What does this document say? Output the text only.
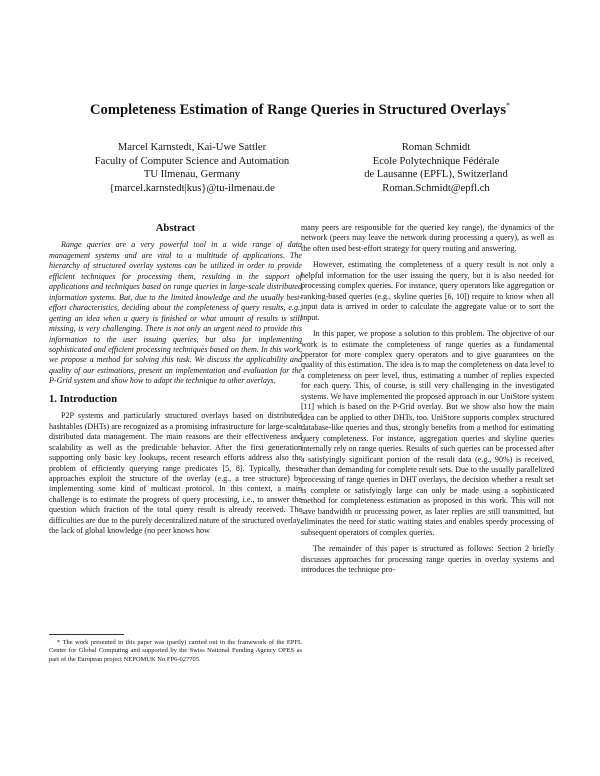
Completeness Estimation of Range Queries in Structured Overlays*
Marcel Karnstedt, Kai-Uwe Sattler
Faculty of Computer Science and Automation
TU Ilmenau, Germany
{marcel.karnstedt|kus}@tu-ilmenau.de
Roman Schmidt
Ecole Polytechnique Fédérale
de Lausanne (EPFL), Switzerland
Roman.Schmidt@epfl.ch
Abstract

Range queries are a very powerful tool in a wide range of data management systems and are vital to a multitude of applications. The hierarchy of structured overlay systems can be utilized in order to provide efficient techniques for processing them, resulting in the support of applications and techniques based on range queries in large-scale distributed information systems. But, due to the limited knowledge and the usually best-effort characteristics, deciding about the completeness of query results, e.g., getting an idea when a query is finished or what amount of results is still missing, is very challenging. There is not only an urgent need to provide this information to the user issuing queries, but also for implementing sophisticated and efficient processing techniques based on them. In this work, we propose a method for solving this task. We discuss the applicability and quality of our estimations, present an implementation and evaluation for the P-Grid system and show how to adapt the technique to other overlays.

1. Introduction

P2P systems and particularly structured overlays based on distributed hashtables (DHTs) are recognized as a promising infrastructure for large-scale distributed data management. The main reasons are their effectiveness and scalability as well as the predictable behavior. After the first generation supporting only basic key lookups, recent research efforts address also the problem of efficiently querying range predicates [5, 8]. Typically, these approaches exploit the structure of the overlay (e.g., a tree structure) by implementing some kind of multicast protocol. In this context, a main challenge is to estimate the progress of query processing, i.e., to answer the question which fraction of the total query result is already received. The difficulties are due to the purely decentralized nature of the structured overlay, the lack of global knowledge (no peer knows how

* The work presented in this paper was (partly) carried out in the framework of the EPFL Center for Global Computing and supported by the Swiss National Funding Agency OFES as part of the European project NEPOMUK No FP6-027705.

many peers are responsible for the queried key range), the dynamics of the network (peers may leave the network during processing a query), as well as the often used best-effort strategy for query routing and answering.

However, estimating the completeness of a query result is not only a helpful information for the user issuing the query, but it is also needed for processing complex queries. For instance, query operators like aggregation or ranking-based queries (e.g., skyline queries [6, 10]) require to know when all input data is arrived in order to calculate the aggregate value or to sort the input.

In this paper, we propose a solution to this problem. The objective of our work is to estimate the completeness of range queries as a fundamental operator for more complex query operators and to give guarantees on the quality of this estimation. The idea is to map the completeness on data level to a completeness on peer level, thus, estimating a number of replies expected for each query. This, of course, is still very challenging in the investigated systems. We have implemented the proposed approach in our UniStore system [11] which is based on the P-Grid overlay. But we show also how the main idea can be applied to other DHTs, too. UniStore supports complex structured database-like queries and thus, strongly benefits from a method for estimating query completeness. For instance, aggregation queries and skyline queries internally rely on range queries. Results of such queries can be processed after a satisfyingly significant portion of the result data (e.g., 90%) is received, rather than demanding for complete result sets. Due to the usually parallelized processing of range queries in DHT overlays, the decision whether a result set is complete or satisfyingly large can only be made using a sophisticated method for completeness estimation as proposed in this work. This will not save bandwidth or processing power, as later replies are still transmitted, but eliminates the need for static waiting states and enables speedy processing of subsequent operators of complex queries.

The remainder of this paper is structured as follows: Section 2 briefly discusses approaches for processing range queries in overlay systems and introduces the technique pro-
